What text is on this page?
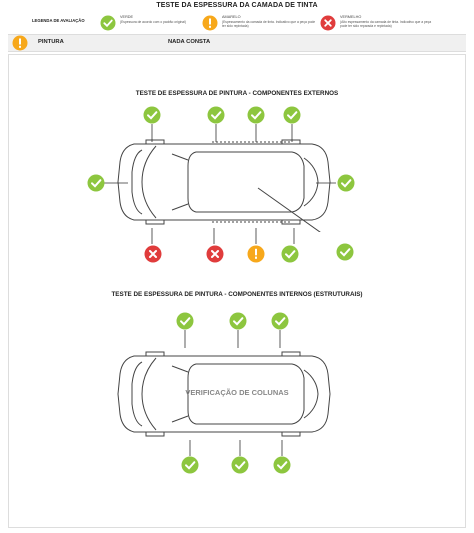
TESTE DA ESPESSURA DA CAMADA DE TINTA
LEGENDA DE AVALIAÇÃO
VERDE
(Espessura de acordo com o padrão original)
AMARELO
(Espessamento da camada de tinta. Indicativo que a peça pode ter sido repintada)
VERMELHO
(Alto espessamento da camada de tinta. Indicativo que a peça pode ter sido reparada e repintada)
PINTURA	NADA CONSTA
TESTE DE ESPESSURA DE PINTURA - COMPONENTES EXTERNOS
TESTE DE ESPESSURA DE PINTURA - COMPONENTES INTERNOS (ESTRUTURAIS)
VERIFICAÇÃO DE COLUNAS
